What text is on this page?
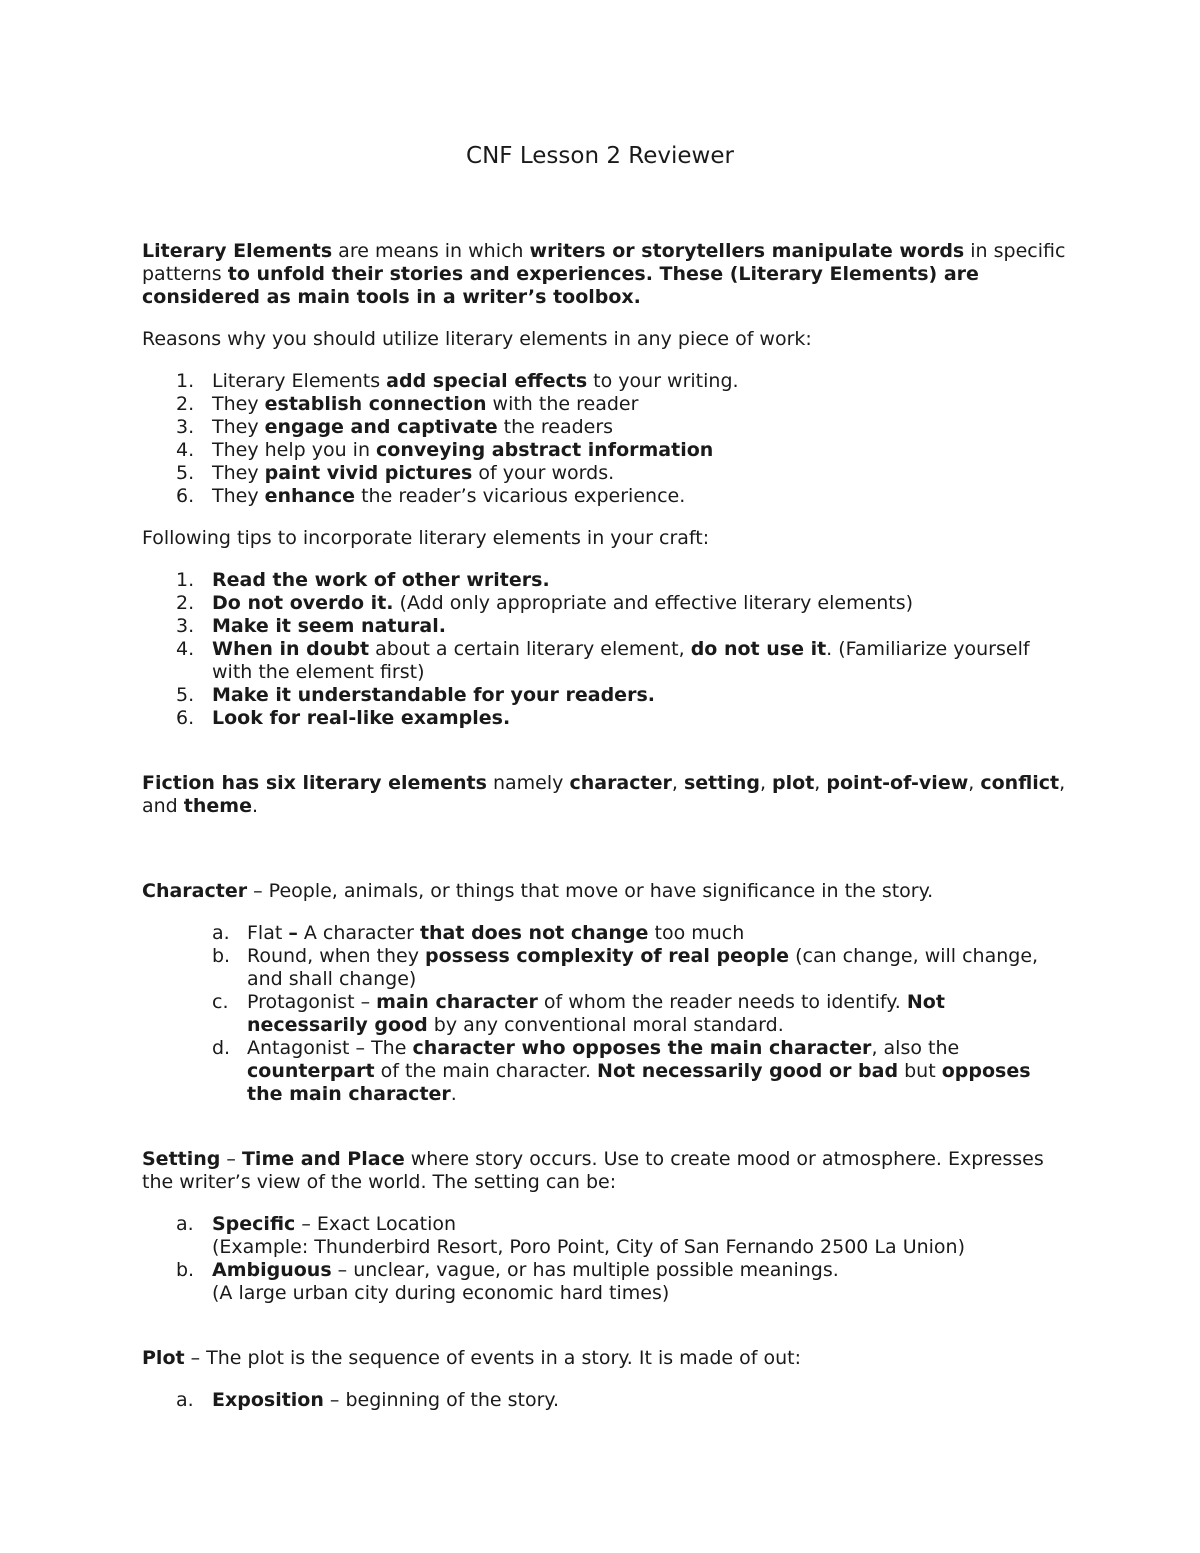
CNF Lesson 2 Reviewer

Literary Elements are means in which writers or storytellers manipulate words in specific patterns to unfold their stories and experiences. These (Literary Elements) are considered as main tools in a writer’s toolbox.

Reasons why you should utilize literary elements in any piece of work:

1. Literary Elements add special effects to your writing.
2. They establish connection with the reader
3. They engage and captivate the readers
4. They help you in conveying abstract information
5. They paint vivid pictures of your words.
6. They enhance the reader’s vicarious experience.

Following tips to incorporate literary elements in your craft:

1. Read the work of other writers.
2. Do not overdo it. (Add only appropriate and effective literary elements)
3. Make it seem natural.
4. When in doubt about a certain literary element, do not use it. (Familiarize yourself with the element first)
5. Make it understandable for your readers.
6. Look for real-like examples.

Fiction has six literary elements namely character, setting, plot, point-of-view, conflict, and theme.

Character – People, animals, or things that move or have significance in the story.

a. Flat – A character that does not change too much
b. Round, when they possess complexity of real people (can change, will change, and shall change)
c. Protagonist – main character of whom the reader needs to identify. Not necessarily good by any conventional moral standard.
d. Antagonist – The character who opposes the main character, also the counterpart of the main character. Not necessarily good or bad but opposes the main character.

Setting – Time and Place where story occurs. Use to create mood or atmosphere. Expresses the writer’s view of the world. The setting can be:

a. Specific – Exact Location
(Example: Thunderbird Resort, Poro Point, City of San Fernando 2500 La Union)
b. Ambiguous – unclear, vague, or has multiple possible meanings.
(A large urban city during economic hard times)

Plot – The plot is the sequence of events in a story. It is made of out:

a. Exposition – beginning of the story.
